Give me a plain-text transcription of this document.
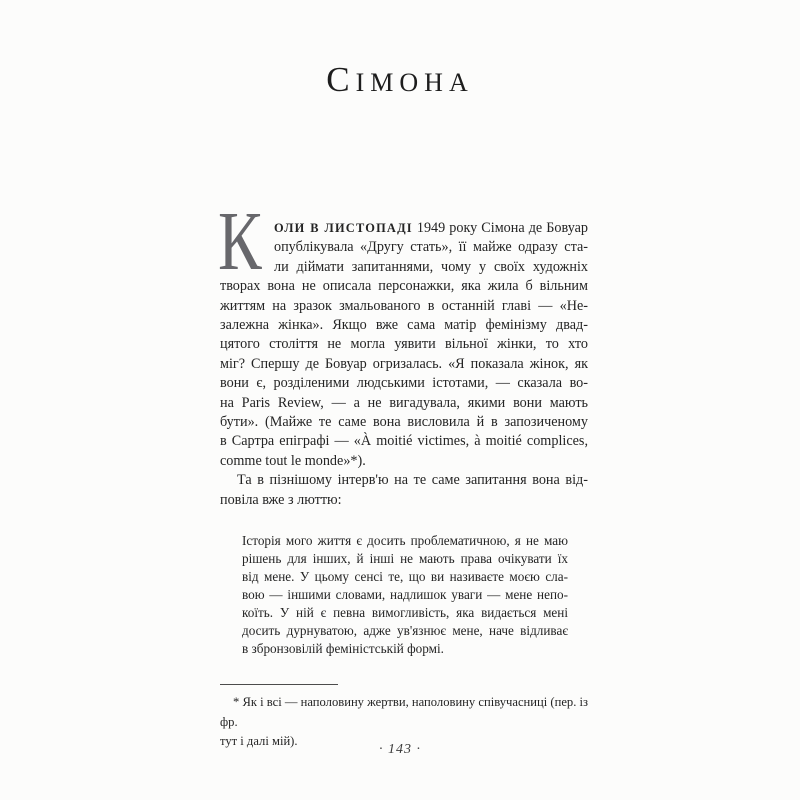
СІМОНА
К ОЛИ В ЛИСТОПАДІ 1949 року Сімона де Бовуар
опублікувала «Другу стать», її майже одразу ста-
ли діймати запитаннями, чому у своїх художніх
творах вона не описала персонажки, яка жила б вільним
життям на зразок змальованого в останній главі — «Не-
залежна жінка». Якщо вже сама матір фемінізму двад-
цятого століття не могла уявити вільної жінки, то хто
міг? Спершу де Бовуар огризалась. «Я показала жінок, як
вони є, розділеними людськими істотами, — сказала во-
на Paris Review, — а не вигадувала, якими вони мають
бути». (Майже те саме вона висловила й в запозиченому
в Сартра епіграфі — «À moitié victimes, à moitié complices,
comme tout le monde»*).
Та в пізнішому інтерв'ю на те саме запитання вона від-
повіла вже з люттю:
Історія мого життя є досить проблематичною, я не маю
рішень для інших, й інші не мають права очікувати їх
від мене. У цьому сенсі те, що ви називаєте моєю сла-
вою — іншими словами, надлишок уваги — мене непо-
коїть. У ній є певна вимогливість, яка видається мені
досить дурнуватою, адже ув'язнює мене, наче відливає
в збронзовілій феміністській формі.
* Як і всі — наполовину жертви, наполовину співучасниці (пер. із фр.
тут і далі мій).
· 143 ·
